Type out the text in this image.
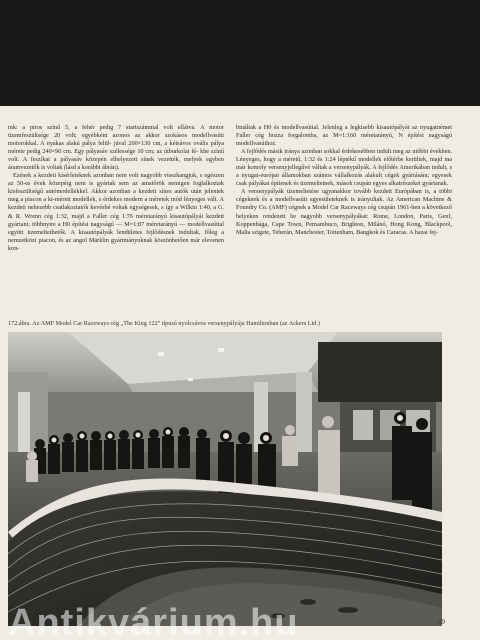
mk: a piros színű 5, a fehér pedig 7 startszámmal volt ellátva. A motor üzemfeszültsége 20 volt; egyébként azonos az akkor szokásos modellvasúti motorokkal. A nyakas alakú pálya felül- jával 200×130 cm, a kétsávos ovális pálya mérete pedig 240×90 cm. Egy pályasáv szélessége 10 cm; az útburkolat fé- kbe színű volt. A feszíkat a pályasáv közepén elhelyezett sínek vezették, melyek egyben áramvezetők is voltak (lásd a korábbi ábrán).

Ezének a kezdeti kísérleteknek azonban nem volt nagyobb visszhangjuk, s egészen az 50-es évek közepéig nem is gyártak sem az amatőrök nemigen foglalkoztak kisfeszültségű autómodellekkel. Akkor azonban a kezdeti sínes autók után jelentek meg a piacon a ki-mérett modellek, s érdekes modern a méretek mód lényeges vált. A kezdeti nehezebb csatlakoztatók kevésbé voltak egységesek, s így a Wilkin 1:40, a G. & R. Wrenn cég 1:32, majd a Faller cég 1:76 méretarányú kisautópályái kezdett gyártani; többnyire a H0 építési nagyságú — M=1:87 méretarányú — modellvasúttal együtt üzemeltethetők. A kisautópályák lendületes fejlődésnek indultak, főleg a nemzetközi piacon, és az angol Märklin gyártmányuknak köszönhetően már elevenen kon-

bináltak a H0 és modellvasúttal. Jelenleg a legkisebb kisautópályát az nyugatnémet Faller cég hozza forgalomba, az M=1:160 méretarányú, N építési nagyságú modellvasúthoz.

A fejlődés másik iránya azonban sokkal érdekesebben indult meg az utóbbi években. Lényeges, hogy a méretű, 1:32 és 1:24 léptékű modellek előtérbe kerültek, majd ma már komoly versenyjellegűvé váltak a versenypályák. A fejlődés Amerikában indult, s a nyugat-európai államokban számos vállalkozás alakult cégek gyártására; egyesek csak pályákat építenek és üzemeltetnek, mások csupán egyes alkatrészeket gyártanak.

A versenypályák üzemeltetése ugyanakkor tovább kezdett Európában is, a többi cégeknek és a modellvasúti egyesületeknek is irányultak. Az American Machine & Foundry Co. (AMF) cégnek a Model Car Raceways cég csupán 1961-ben a következő helyeken rendezett be nagyobb versenypályákat: Rome, London, Paris, Genf, Koppenhága, Cape Town, Pernambuco, Brighton, Milánó, Hong Kong, Blackpool, Malta szigete, Teherán, Manchester, Tottenham, Bangkok és Caracas. A hazai fej-

172.ábra. Az AMF Model Car Raceways cég „The King 122" típusú nyolcsávos versenypályája Hamiltonban (az Ackers Ltd.)
69
Antikvárium.hu
